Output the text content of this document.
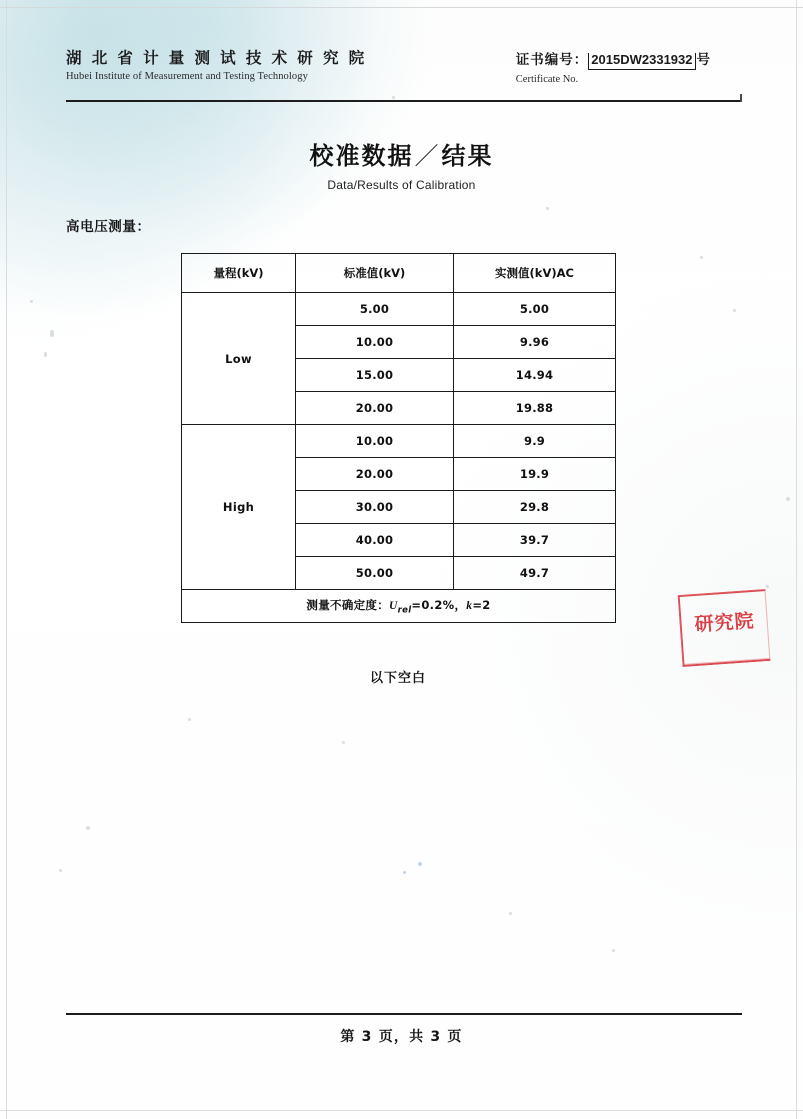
湖 北 省 计 量 测 试 技 术 研 究 院
Hubei Institute of Measurement and Testing Technology
证书编号： 2015DW2331932 号
Certificate No.
校准数据／结果
Data/Results of Calibration
高电压测量：
量程(kV)	标准值(kV)	实测值(kV)AC
Low	5.00	5.00
	10.00	9.96
	15.00	14.94
	20.00	19.88
High	10.00	9.9
	20.00	19.9
	30.00	29.8
	40.00	39.7
	50.00	49.7
测量不确定度：$U_{rel}=0.2\%$，k=2		
以下空白
研究院
第 3 页，共 3 页
